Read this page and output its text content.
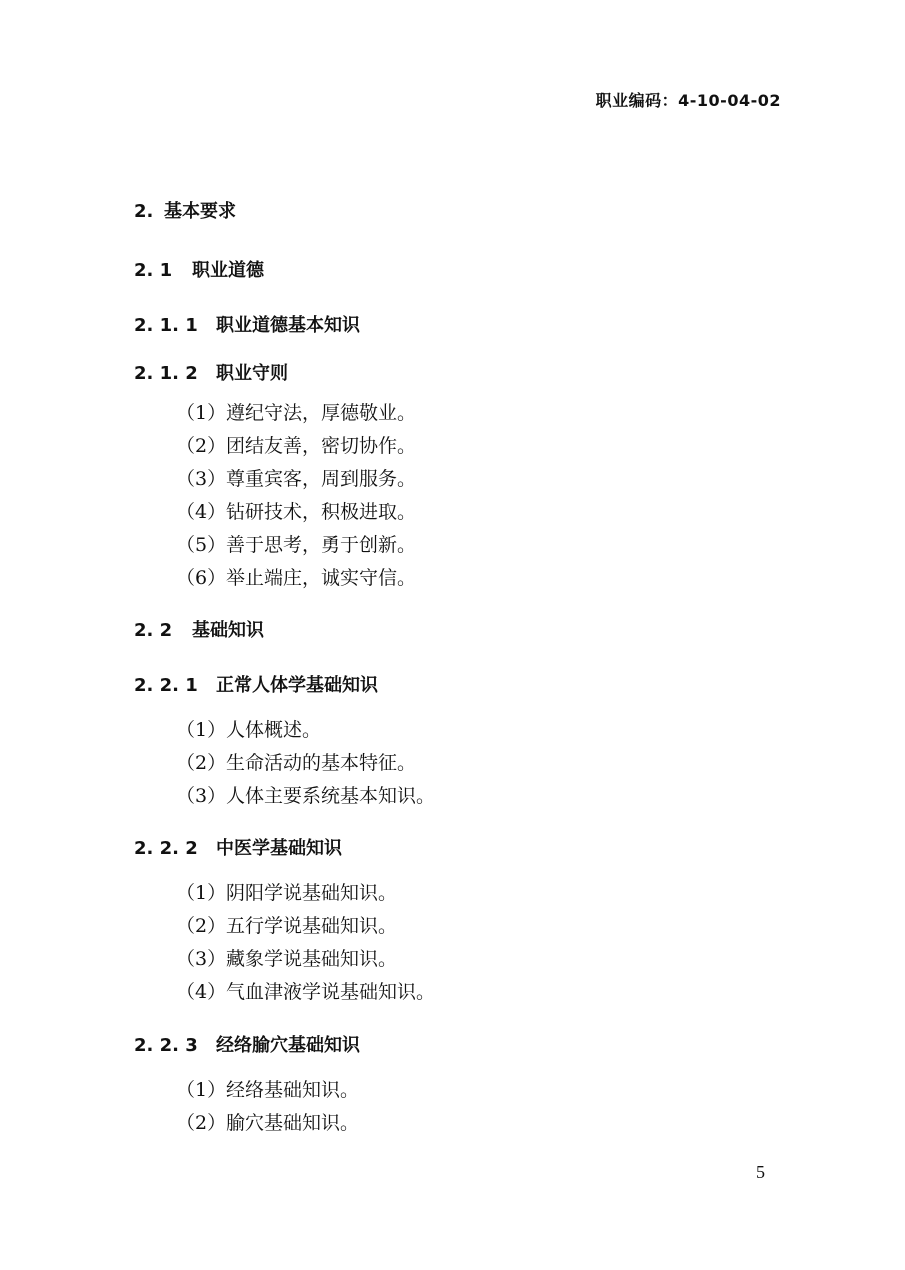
职业编码：4-10-04-02
2. 基本要求
2. 1 职业道德
2. 1. 1 职业道德基本知识
2. 1. 2 职业守则
（1）遵纪守法，厚德敬业。
（2）团结友善，密切协作。
（3）尊重宾客，周到服务。
（4）钻研技术，积极进取。
（5）善于思考，勇于创新。
（6）举止端庄，诚实守信。
2. 2 基础知识
2. 2. 1 正常人体学基础知识
（1）人体概述。
（2）生命活动的基本特征。
（3）人体主要系统基本知识。
2. 2. 2 中医学基础知识
（1）阴阳学说基础知识。
（2）五行学说基础知识。
（3）藏象学说基础知识。
（4）气血津液学说基础知识。
2. 2. 3 经络腧穴基础知识
（1）经络基础知识。
（2）腧穴基础知识。
5
